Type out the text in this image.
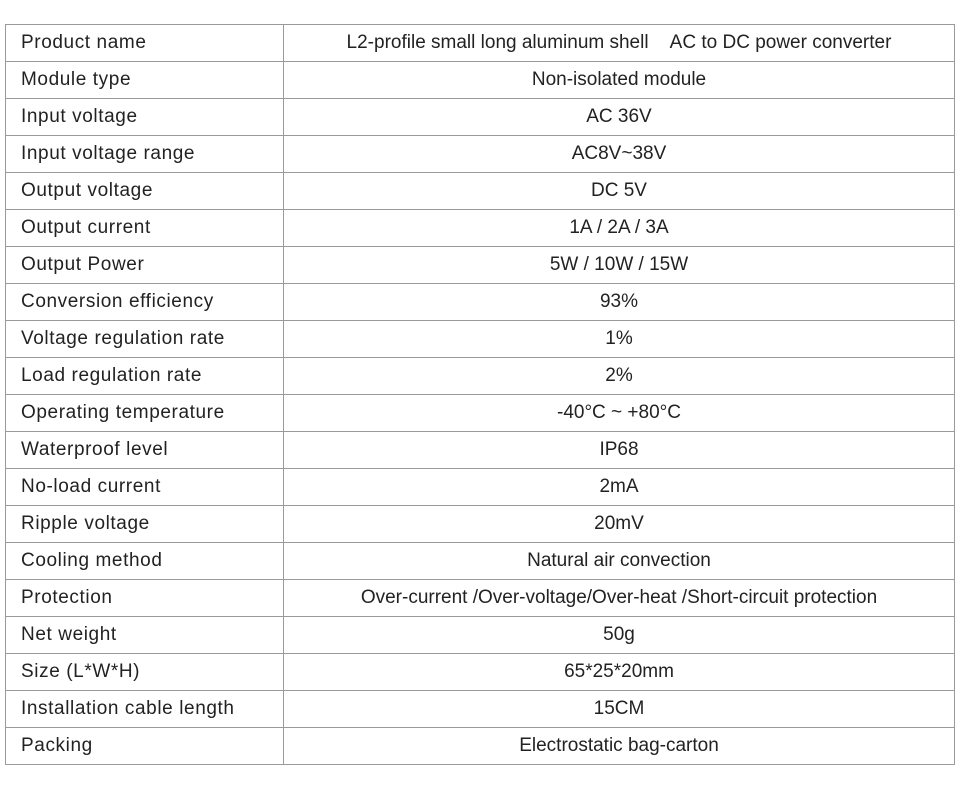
Product name	L2-profile small long aluminum shell    AC to DC power converter
Module type	Non-isolated module
Input voltage	AC 36V
Input voltage range	AC8V~38V
Output voltage	DC 5V
Output current	1A / 2A / 3A
Output Power	5W / 10W / 15W
Conversion efficiency	93%
Voltage regulation rate	1%
Load regulation rate	2%
Operating temperature	-40°C ~ +80°C
Waterproof level	IP68
No-load current	2mA
Ripple voltage	20mV
Cooling method	Natural air convection
Protection	Over-current /Over-voltage/Over-heat /Short-circuit protection
Net weight	50g
Size (L*W*H)	65*25*20mm
Installation cable length	15CM
Packing	Electrostatic bag-carton
